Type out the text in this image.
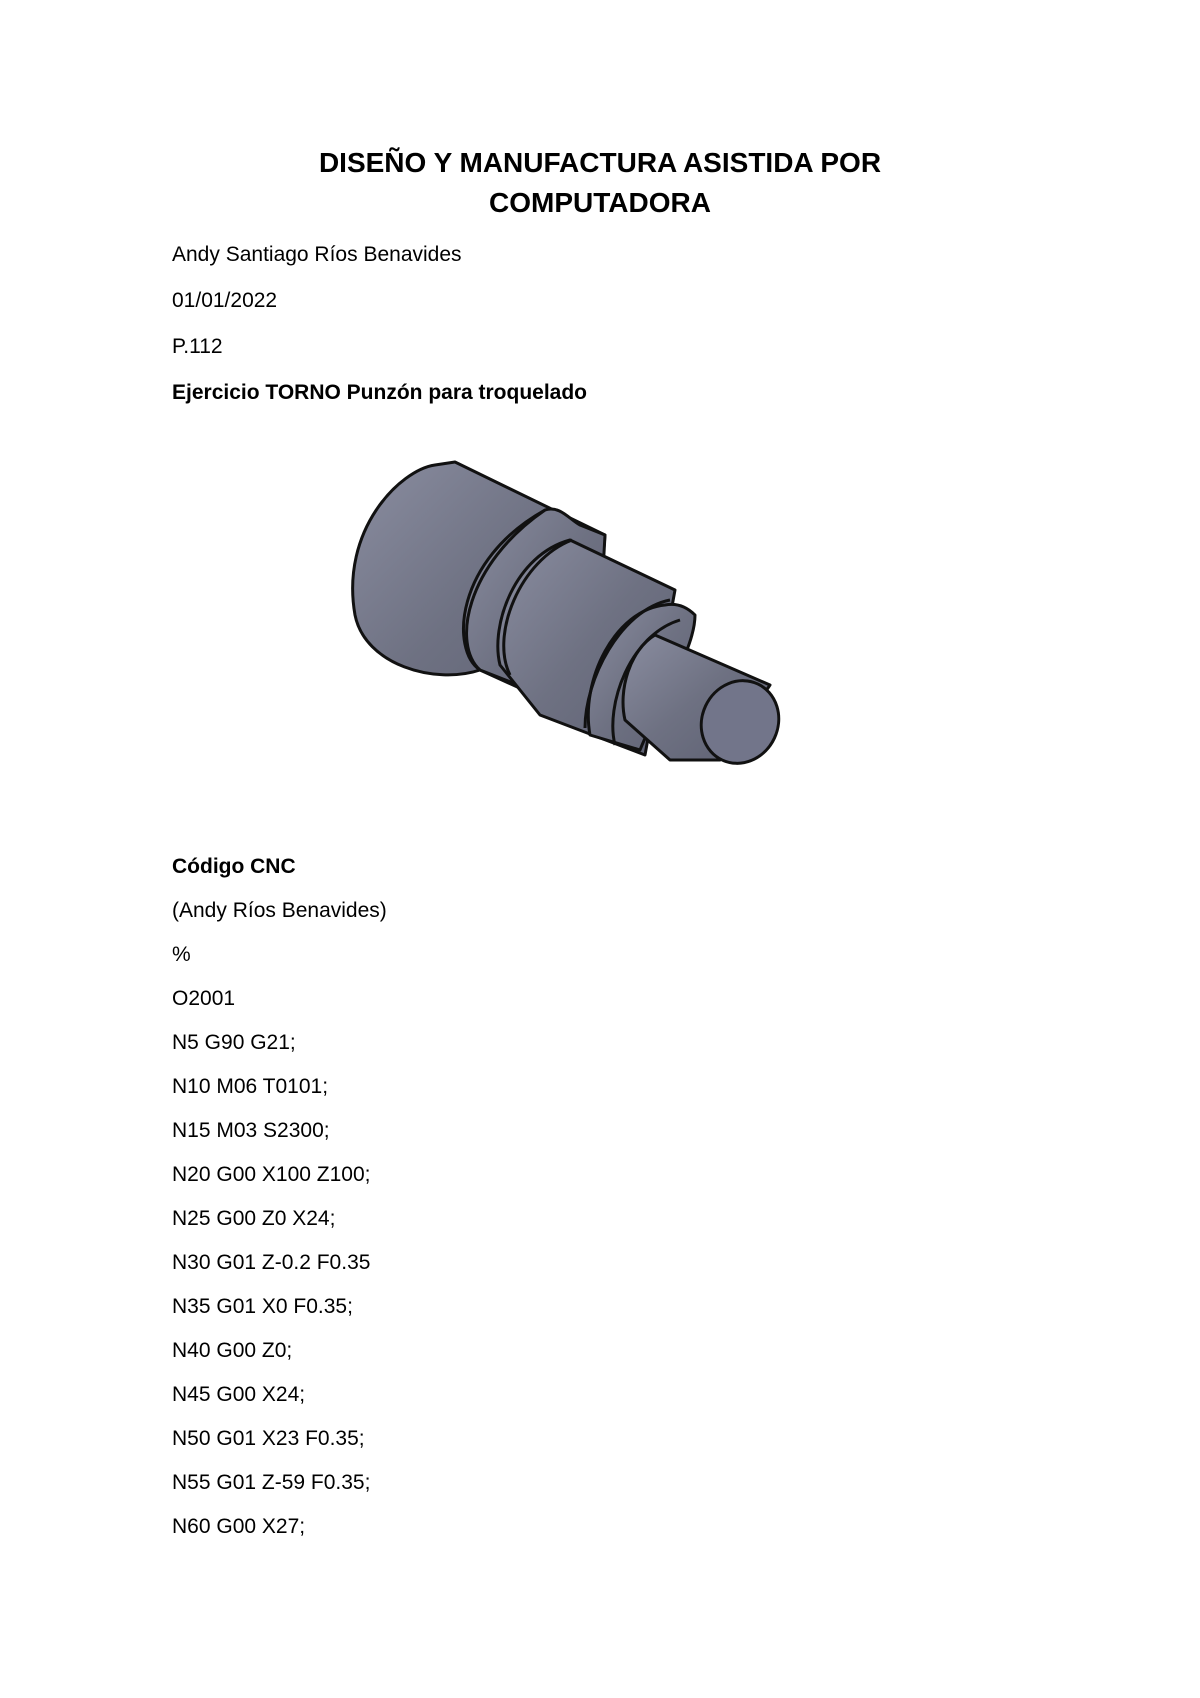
DISEÑO Y MANUFACTURA ASISTIDA POR
COMPUTADORA
Andy Santiago Ríos Benavides
01/01/2022
P.112
Ejercicio TORNO Punzón para troquelado
Código CNC
(Andy Ríos Benavides)
%
O2001
N5 G90 G21;
N10 M06 T0101;
N15 M03 S2300;
N20 G00 X100 Z100;
N25 G00 Z0 X24;
N30 G01 Z-0.2 F0.35
N35 G01 X0 F0.35;
N40 G00 Z0;
N45 G00 X24;
N50 G01 X23 F0.35;
N55 G01 Z-59 F0.35;
N60 G00 X27;
